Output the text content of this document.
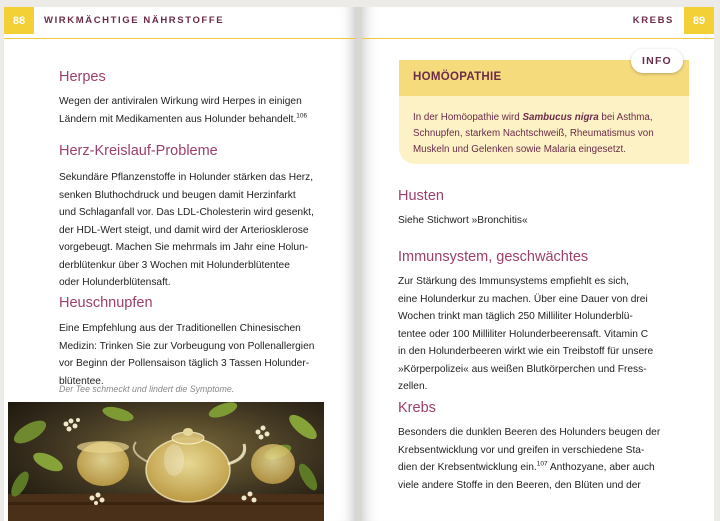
88	WIRKMÄCHTIGE NÄHRSTOFFE
Herpes
Wegen der antiviralen Wirkung wird Herpes in einigen
Ländern mit Medikamenten aus Holunder behandelt.$^{106}$
Herz-Kreislauf-Probleme
Sekundäre Pflanzenstoffe in Holunder stärken das Herz,
senken Bluthochdruck und beugen damit Herzinfarkt
und Schlaganfall vor. Das LDL-Cholesterin wird gesenkt,
der HDL-Wert steigt, und damit wird der Arteriosklerose
vorgebeugt. Machen Sie mehrmals im Jahr eine Holun-
derblütenkur über 3 Wochen mit Holunderblütentee
oder Holunderblütensaft.
Heuschnupfen
Eine Empfehlung aus der Traditionellen Chinesischen
Medizin: Trinken Sie zur Vorbeugung von Pollenallergien
vor Beginn der Pollensaison täglich 3 Tassen Holunder-
blütentee.
Der Tee schmeckt und lindert die Symptome.
89
KREBS
INFO
HOMÖOPATHIE
In der Homöopathie wird Sambucus nigra bei Asthma,
Schnupfen, starkem Nachtschweiß, Rheumatismus von
Muskeln und Gelenken sowie Malaria eingesetzt.
Husten
Siehe Stichwort »Bronchitis«
Immunsystem, geschwächtes
Zur Stärkung des Immunsystems empfiehlt es sich,
eine Holunderkur zu machen. Über eine Dauer von drei
Wochen trinkt man täglich 250 Milliliter Holunderblü-
tentee oder 100 Milliliter Holunderbeerensaft. Vitamin C
in den Holunderbeeren wirkt wie ein Treibstoff für unsere
»Körperpolizei« aus weißen Blutkörperchen und Fress-
zellen.
Krebs
Besonders die dunklen Beeren des Holunders beugen der
Krebsentwicklung vor und greifen in verschiedene Sta-
dien der Krebsentwicklung ein.$^{107}$ Anthozyane, aber auch
viele andere Stoffe in den Beeren, den Blüten und der
